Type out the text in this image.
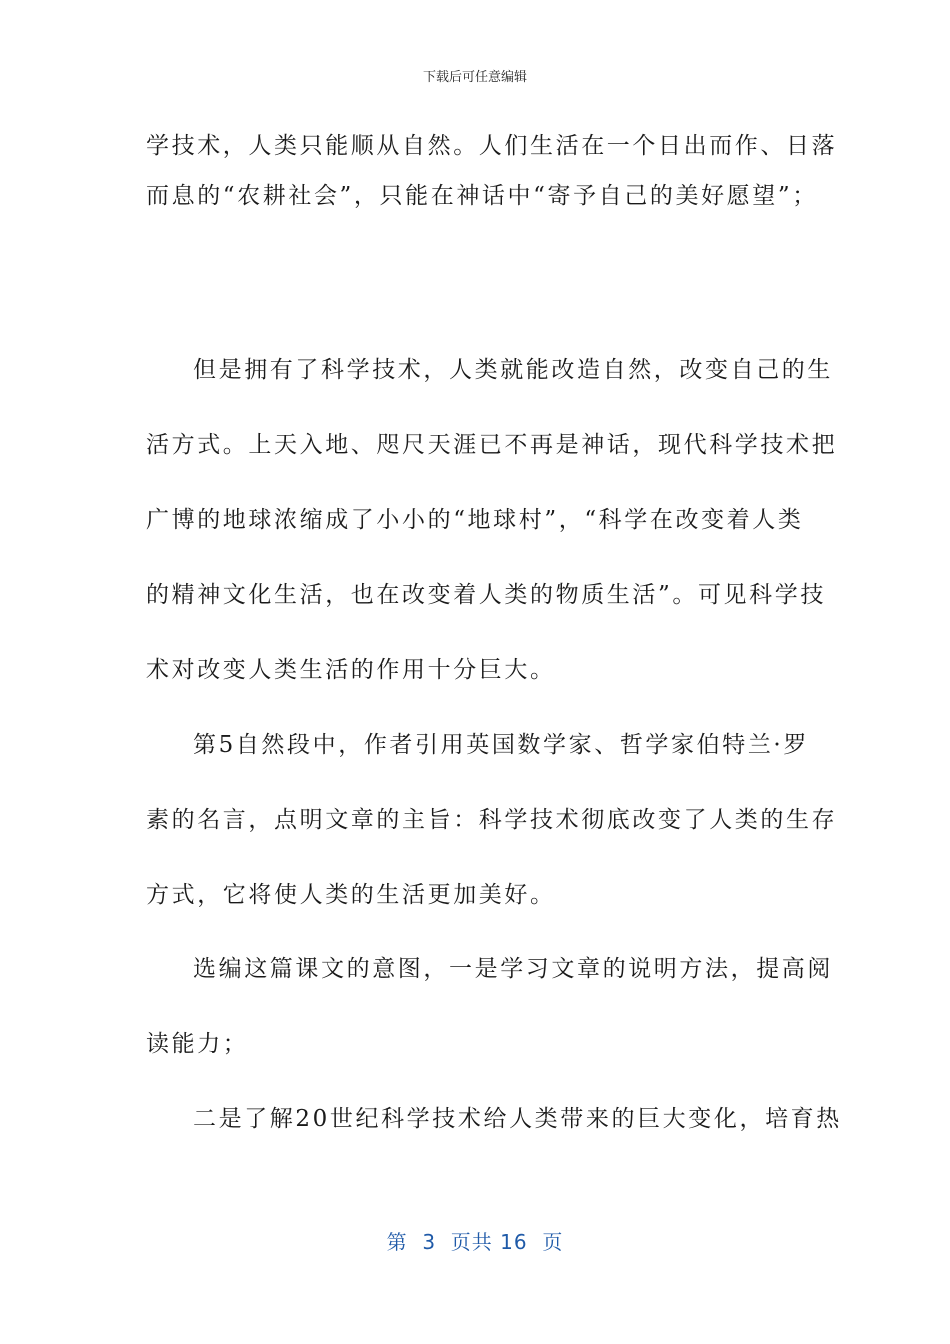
下载后可任意编辑
学技术，人类只能顺从自然。人们生活在一个日出而作、日落
而息的“农耕社会”，只能在神话中“寄予自己的美好愿望”；
但是拥有了科学技术，人类就能改造自然，改变自己的生
活方式。上天入地、咫尺天涯已不再是神话，现代科学技术把
广博的地球浓缩成了小小的“地球村”，“科学在改变着人类
的精神文化生活，也在改变着人类的物质生活”。可见科学技
术对改变人类生活的作用十分巨大。
第5自然段中，作者引用英国数学家、哲学家伯特兰·罗
素的名言，点明文章的主旨：科学技术彻底改变了人类的生存
方式，它将使人类的生活更加美好。
选编这篇课文的意图，一是学习文章的说明方法，提高阅
读能力；
二是了解20世纪科学技术给人类带来的巨大变化，培育热
第  3  页共 16  页
